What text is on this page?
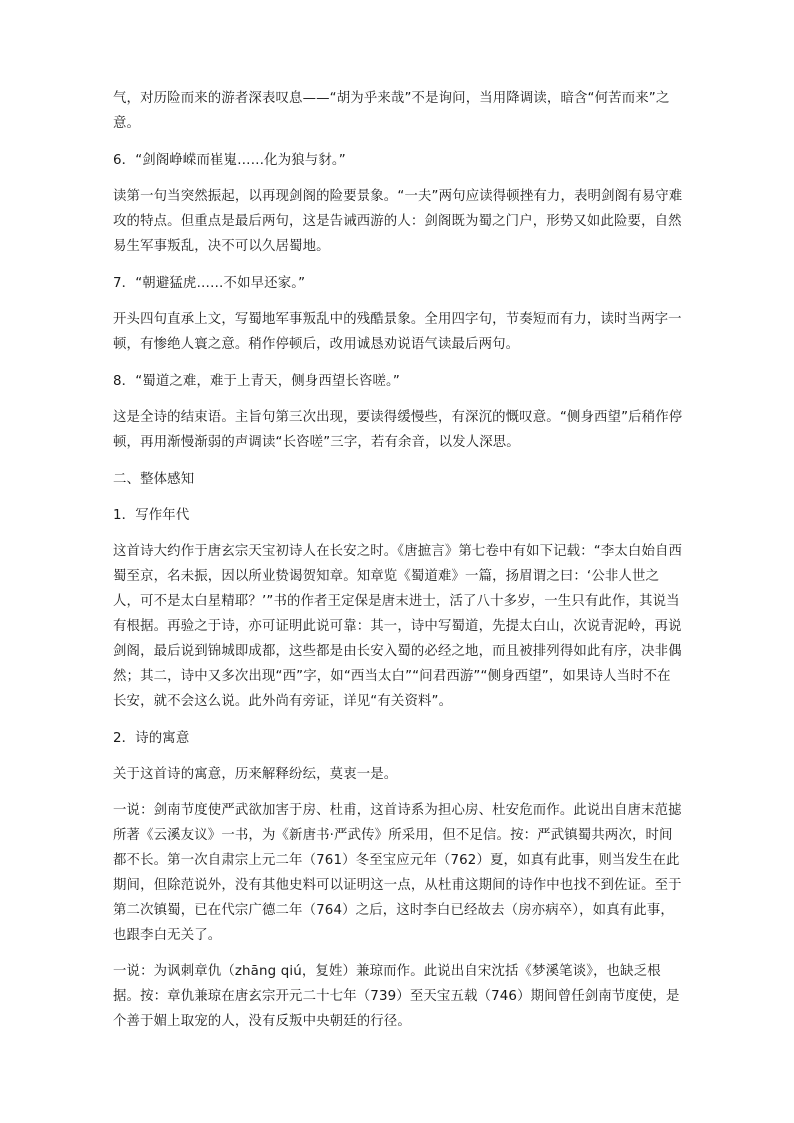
气，对历险而来的游者深表叹息——“胡为乎来哉”不是询问，当用降调读，暗含“何苦而来”之意。

6．“剑阁峥嵘而崔嵬……化为狼与豺。”

读第一句当突然振起，以再现剑阁的险要景象。“一夫”两句应读得顿挫有力，表明剑阁有易守难攻的特点。但重点是最后两句，这是告诫西游的人：剑阁既为蜀之门户，形势又如此险要，自然易生军事叛乱，决不可以久居蜀地。

7．“朝避猛虎……不如早还家。”

开头四句直承上文，写蜀地军事叛乱中的残酷景象。全用四字句，节奏短而有力，读时当两字一顿，有惨绝人寰之意。稍作停顿后，改用诚恳劝说语气读最后两句。

8．“蜀道之难，难于上青天，侧身西望长咨嗟。”

这是全诗的结束语。主旨句第三次出现，要读得缓慢些，有深沉的慨叹意。“侧身西望”后稍作停顿，再用渐慢渐弱的声调读“长咨嗟”三字，若有余音，以发人深思。

二、整体感知

1．写作年代

这首诗大约作于唐玄宗天宝初诗人在长安之时。《唐摭言》第七卷中有如下记载：“李太白始自西蜀至京，名未振，因以所业贽谒贺知章。知章览《蜀道难》一篇，扬眉谓之曰：‘公非人世之人，可不是太白星精耶？’”书的作者王定保是唐末进士，活了八十多岁，一生只有此作，其说当有根据。再验之于诗，亦可证明此说可靠：其一，诗中写蜀道，先提太白山，次说青泥岭，再说剑阁，最后说到锦城即成都，这些都是由长安入蜀的必经之地，而且被排列得如此有序，决非偶然；其二，诗中又多次出现“西”字，如“西当太白”“问君西游”“侧身西望”，如果诗人当时不在长安，就不会这么说。此外尚有旁证，详见“有关资料”。

2．诗的寓意

关于这首诗的寓意，历来解释纷纭，莫衷一是。

一说：剑南节度使严武欲加害于房、杜甫，这首诗系为担心房、杜安危而作。此说出自唐末范摅所著《云溪友议》一书，为《新唐书·严武传》所采用，但不足信。按：严武镇蜀共两次，时间都不长。第一次自肃宗上元二年（761）冬至宝应元年（762）夏，如真有此事，则当发生在此期间，但除范说外，没有其他史料可以证明这一点，从杜甫这期间的诗作中也找不到佐证。至于第二次镇蜀，已在代宗广德二年（764）之后，这时李白已经故去（房亦病卒），如真有此事，也跟李白无关了。

一说：为讽刺章仇（zhāng qiú，复姓）兼琼而作。此说出自宋沈括《梦溪笔谈》，也缺乏根据。按：章仇兼琼在唐玄宗开元二十七年（739）至天宝五载（746）期间曾任剑南节度使，是个善于媚上取宠的人，没有反叛中央朝廷的行径。
